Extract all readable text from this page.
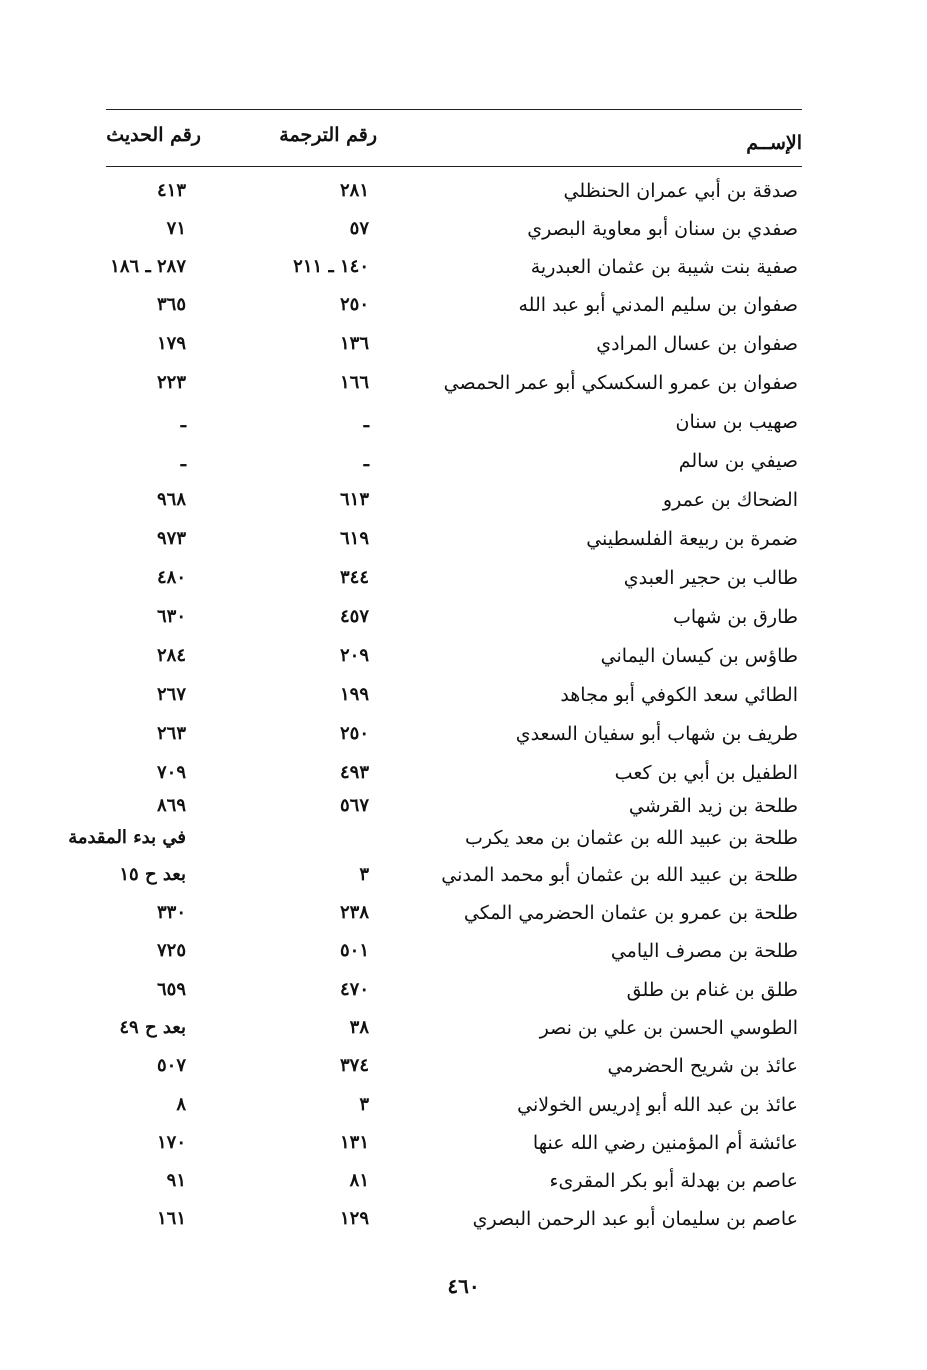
الإســم
رقم الترجمة
رقم الحديث
صدقة بن أبي عمران الحنظلي
٢٨١
٤١٣
صفدي بن سنان أبو معاوية البصري
٥٧
٧١
صفية بنت شيبة بن عثمان العبدرية
١٤٠ ـ ٢١١
٢٨٧ ـ ١٨٦
صفوان بن سليم المدني أبو عبد الله
٢٥٠
٣٦٥
صفوان بن عسال المرادي
١٣٦
١٧٩
صفوان بن عمرو السكسكي أبو عمر الحمصي
١٦٦
٢٢٣
صهيب بن سنان
ـ
ـ
صيفي بن سالم
ـ
ـ
الضحاك بن عمرو
٦١٣
٩٦٨
ضمرة بن ربيعة الفلسطيني
٦١٩
٩٧٣
طالب بن حجير العبدي
٣٤٤
٤٨٠
طارق بن شهاب
٤٥٧
٦٣٠
طاؤس بن كيسان اليماني
٢٠٩
٢٨٤
الطائي سعد الكوفي أبو مجاهد
١٩٩
٢٦٧
طريف بن شهاب أبو سفيان السعدي
٢٥٠
٢٦٣
الطفيل بن أبي بن كعب
٤٩٣
٧٠٩
طلحة بن زيد القرشي
٥٦٧
٨٦٩
طلحة بن عبيد الله بن عثمان بن معد يكرب
في بدء المقدمة
طلحة بن عبيد الله بن عثمان أبو محمد المدني
٣
بعد ح ١٥
طلحة بن عمرو بن عثمان الحضرمي المكي
٢٣٨
٣٣٠
طلحة بن مصرف اليامي
٥٠١
٧٢٥
طلق بن غنام بن طلق
٤٧٠
٦٥٩
الطوسي الحسن بن علي بن نصر
٣٨
بعد ح ٤٩
عائذ بن شريح الحضرمي
٣٧٤
٥٠٧
عائذ بن عبد الله أبو إدريس الخولاني
٣
٨
عائشة أم المؤمنين رضي الله عنها
١٣١
١٧٠
عاصم بن بهدلة أبو بكر المقرىء
٨١
٩١
عاصم بن سليمان أبو عبد الرحمن البصري
١٢٩
١٦١
٤٦٠
